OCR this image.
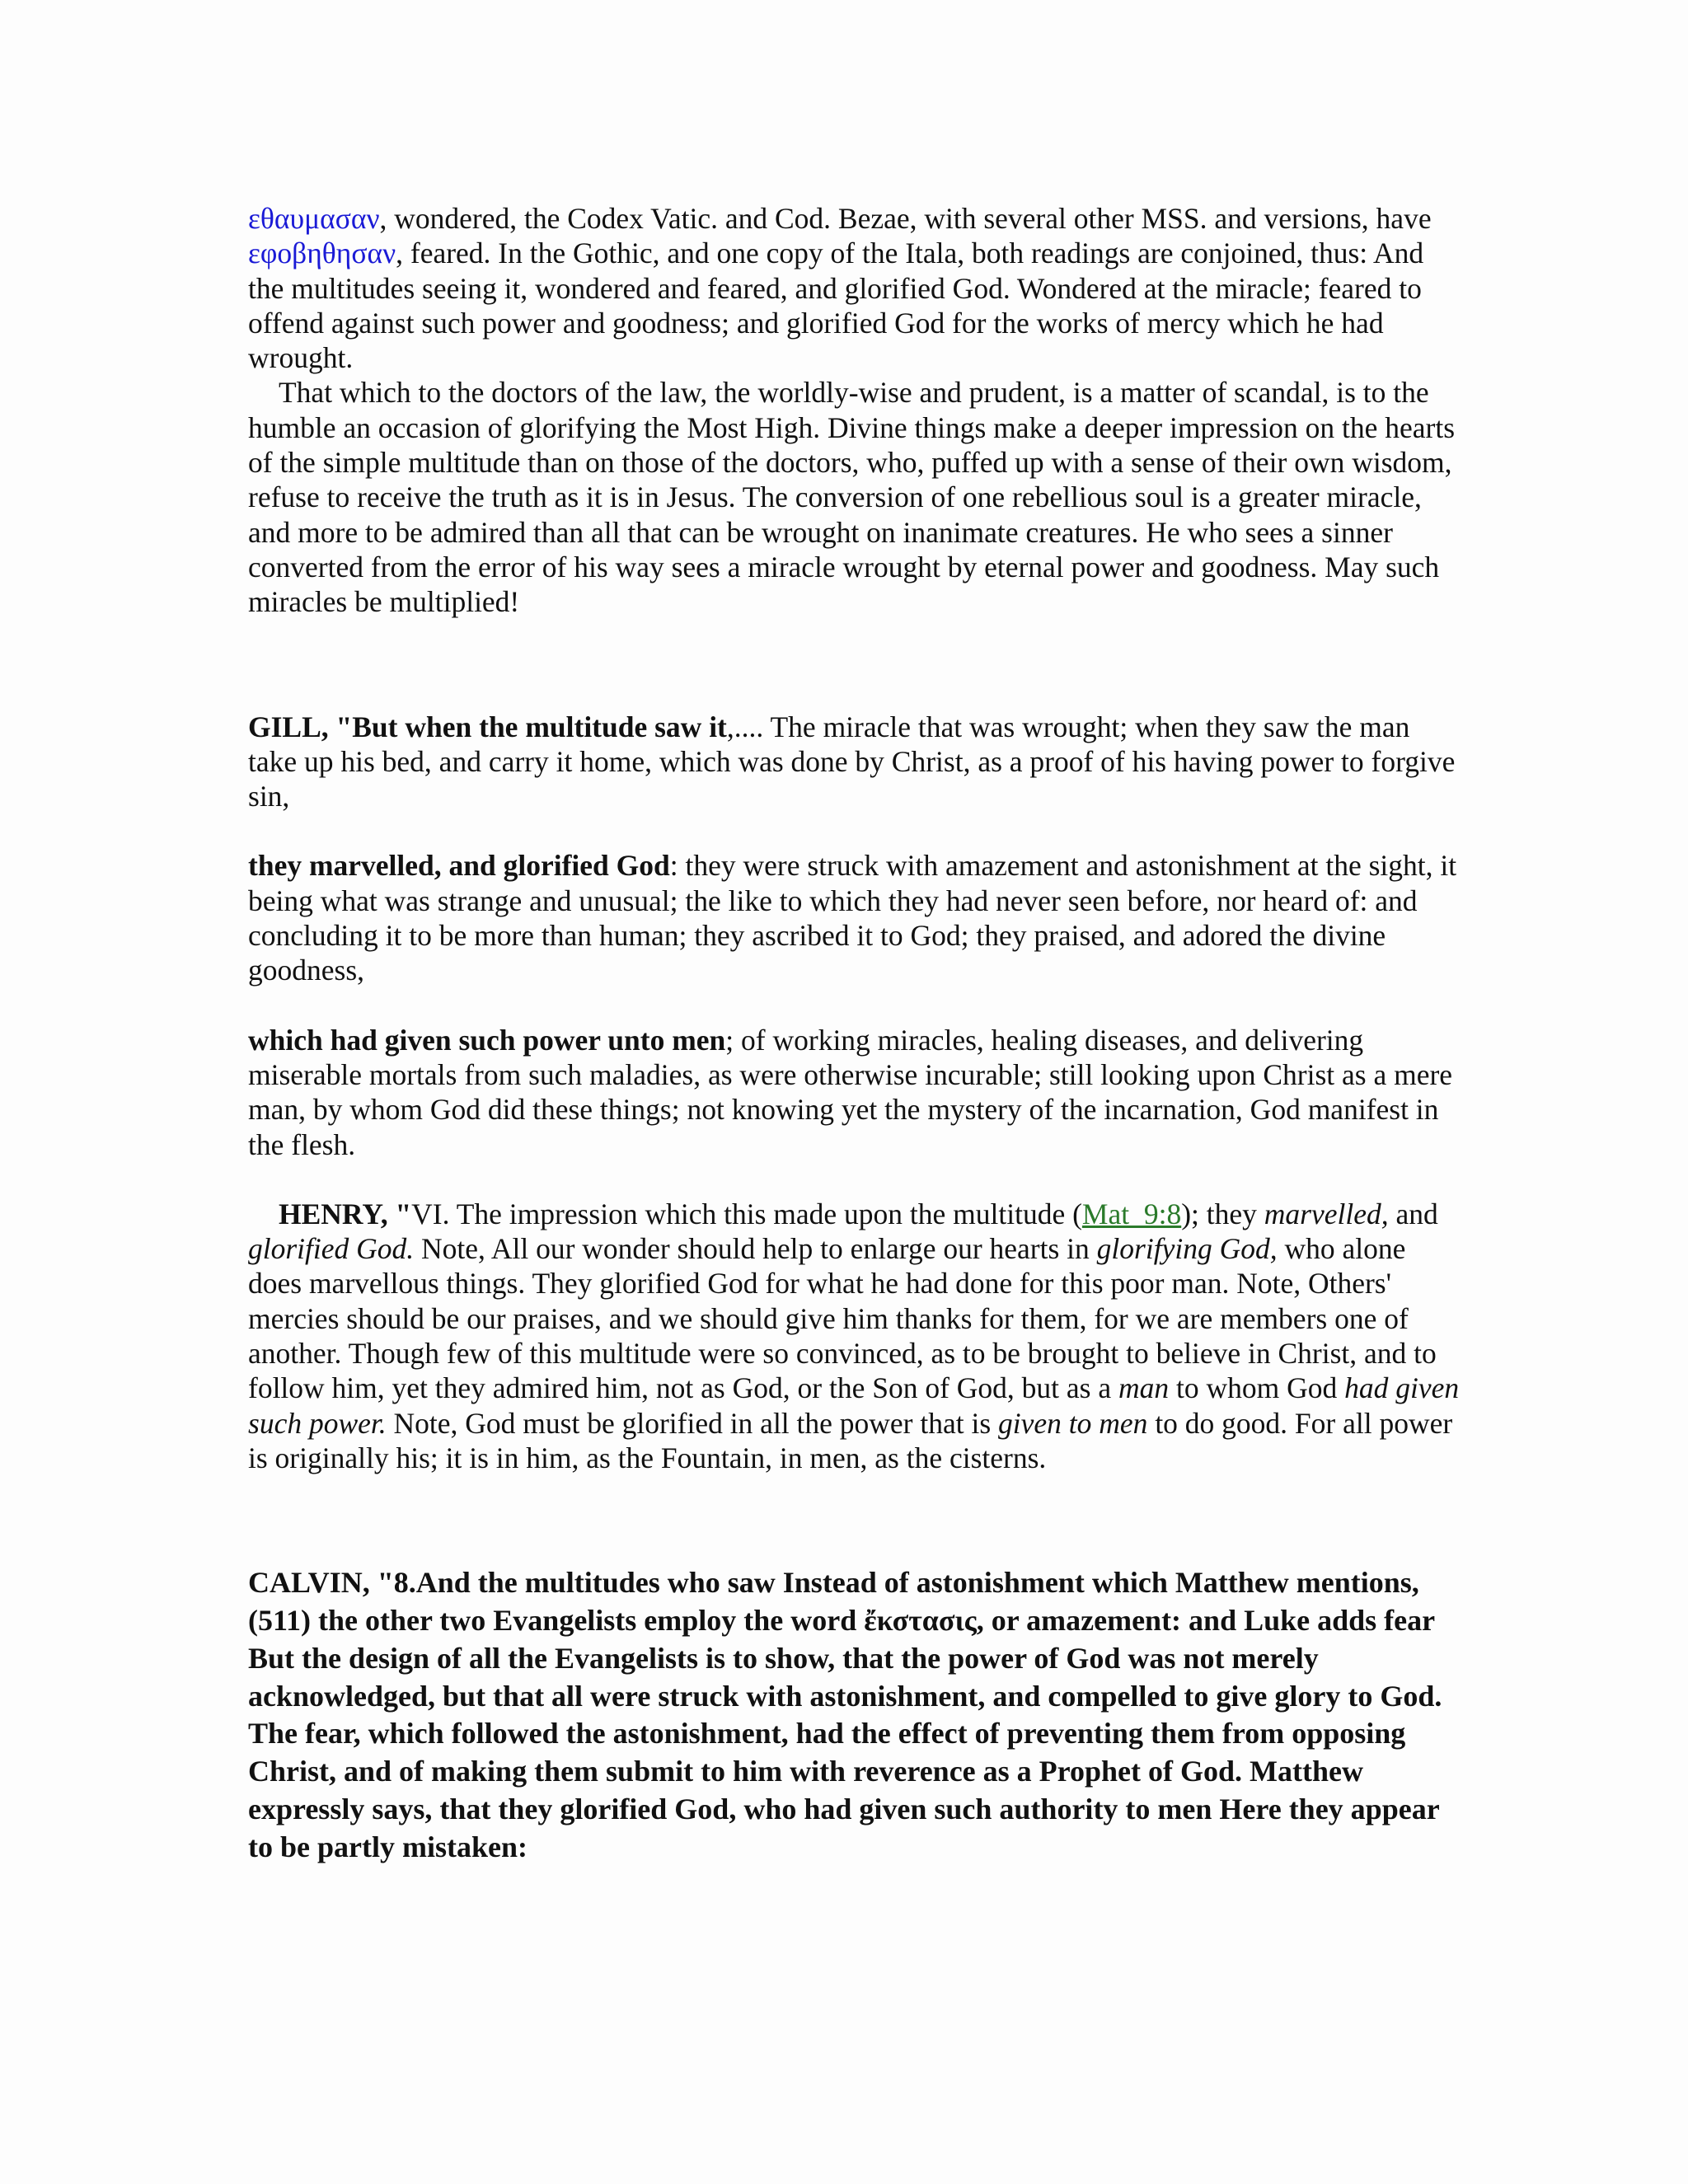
εθαυμασαν, wondered, the Codex Vatic. and Cod. Bezae, with several other MSS. and versions, have εφοβηθησαν, feared. In the Gothic, and one copy of the Itala, both readings are conjoined, thus: And the multitudes seeing it, wondered and feared, and glorified God. Wondered at the miracle; feared to offend against such power and goodness; and glorified God for the works of mercy which he had wrought.

That which to the doctors of the law, the worldly-wise and prudent, is a matter of scandal, is to the humble an occasion of glorifying the Most High. Divine things make a deeper impression on the hearts of the simple multitude than on those of the doctors, who, puffed up with a sense of their own wisdom, refuse to receive the truth as it is in Jesus. The conversion of one rebellious soul is a greater miracle, and more to be admired than all that can be wrought on inanimate creatures. He who sees a sinner converted from the error of his way sees a miracle wrought by eternal power and goodness. May such miracles be multiplied!

GILL, "But when the multitude saw it,.... The miracle that was wrought; when they saw the man take up his bed, and carry it home, which was done by Christ, as a proof of his having power to forgive sin,

they marvelled, and glorified God: they were struck with amazement and astonishment at the sight, it being what was strange and unusual; the like to which they had never seen before, nor heard of: and concluding it to be more than human; they ascribed it to God; they praised, and adored the divine goodness,

which had given such power unto men; of working miracles, healing diseases, and delivering miserable mortals from such maladies, as were otherwise incurable; still looking upon Christ as a mere man, by whom God did these things; not knowing yet the mystery of the incarnation, God manifest in the flesh.

HENRY, "VI. The impression which this made upon the multitude (Mat_9:8); they marvelled, and glorified God. Note, All our wonder should help to enlarge our hearts in glorifying God, who alone does marvellous things. They glorified God for what he had done for this poor man. Note, Others' mercies should be our praises, and we should give him thanks for them, for we are members one of another. Though few of this multitude were so convinced, as to be brought to believe in Christ, and to follow him, yet they admired him, not as God, or the Son of God, but as a man to whom God had given such power. Note, God must be glorified in all the power that is given to men to do good. For all power is originally his; it is in him, as the Fountain, in men, as the cisterns.

CALVIN, "8.And the multitudes who saw Instead of astonishment which Matthew mentions, (511) the other two Evangelists employ the word ἔκστασις, or amazement: and Luke adds fear But the design of all the Evangelists is to show, that the power of God was not merely acknowledged, but that all were struck with astonishment, and compelled to give glory to God. The fear, which followed the astonishment, had the effect of preventing them from opposing Christ, and of making them submit to him with reverence as a Prophet of God. Matthew expressly says, that they glorified God, who had given such authority to men Here they appear to be partly mistaken:
